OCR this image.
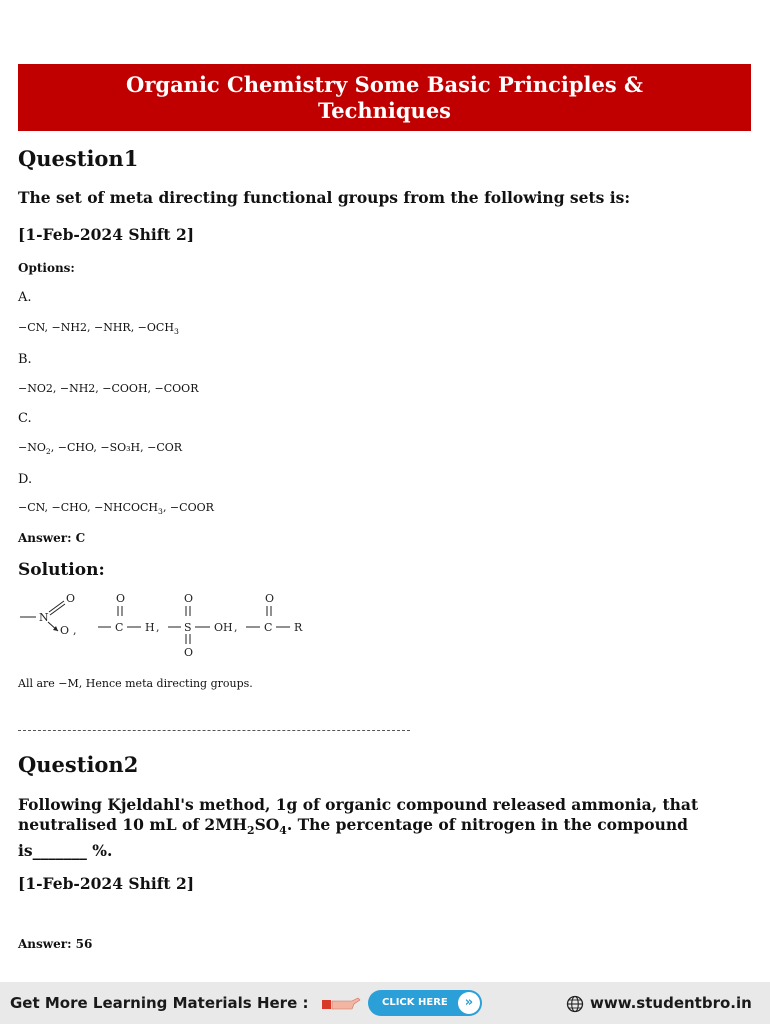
Organic Chemistry Some Basic Principles & Techniques
Question1
The set of meta directing functional groups from the following sets is:
[1-Feb-2024 Shift 2]
Options:
A.
−CN, −NH2, −NHR, $-OCH_3$
B.
−NO2, −NH2, −COOH, −COOR
C.
$-NO_2$, −CHO, −SO₃H, −COR
D.
−CN, −CHO, $-NHCOCH_3$, −COOR
Answer: C
Solution:
N
O
O ,
O
C H ,
O
S OH ,
O
O
C R
All are −M, Hence meta directing groups.
Question2
Following Kjeldahl's method, 1g of organic compound released ammonia, that neutralised 10 mL of $2MH_2SO_4$. The percentage of nitrogen in the compound is_______ %.
[1-Feb-2024 Shift 2]
Answer: 56
Get More Learning Materials Here :	CLICK HERE	»	www.studentbro.in
